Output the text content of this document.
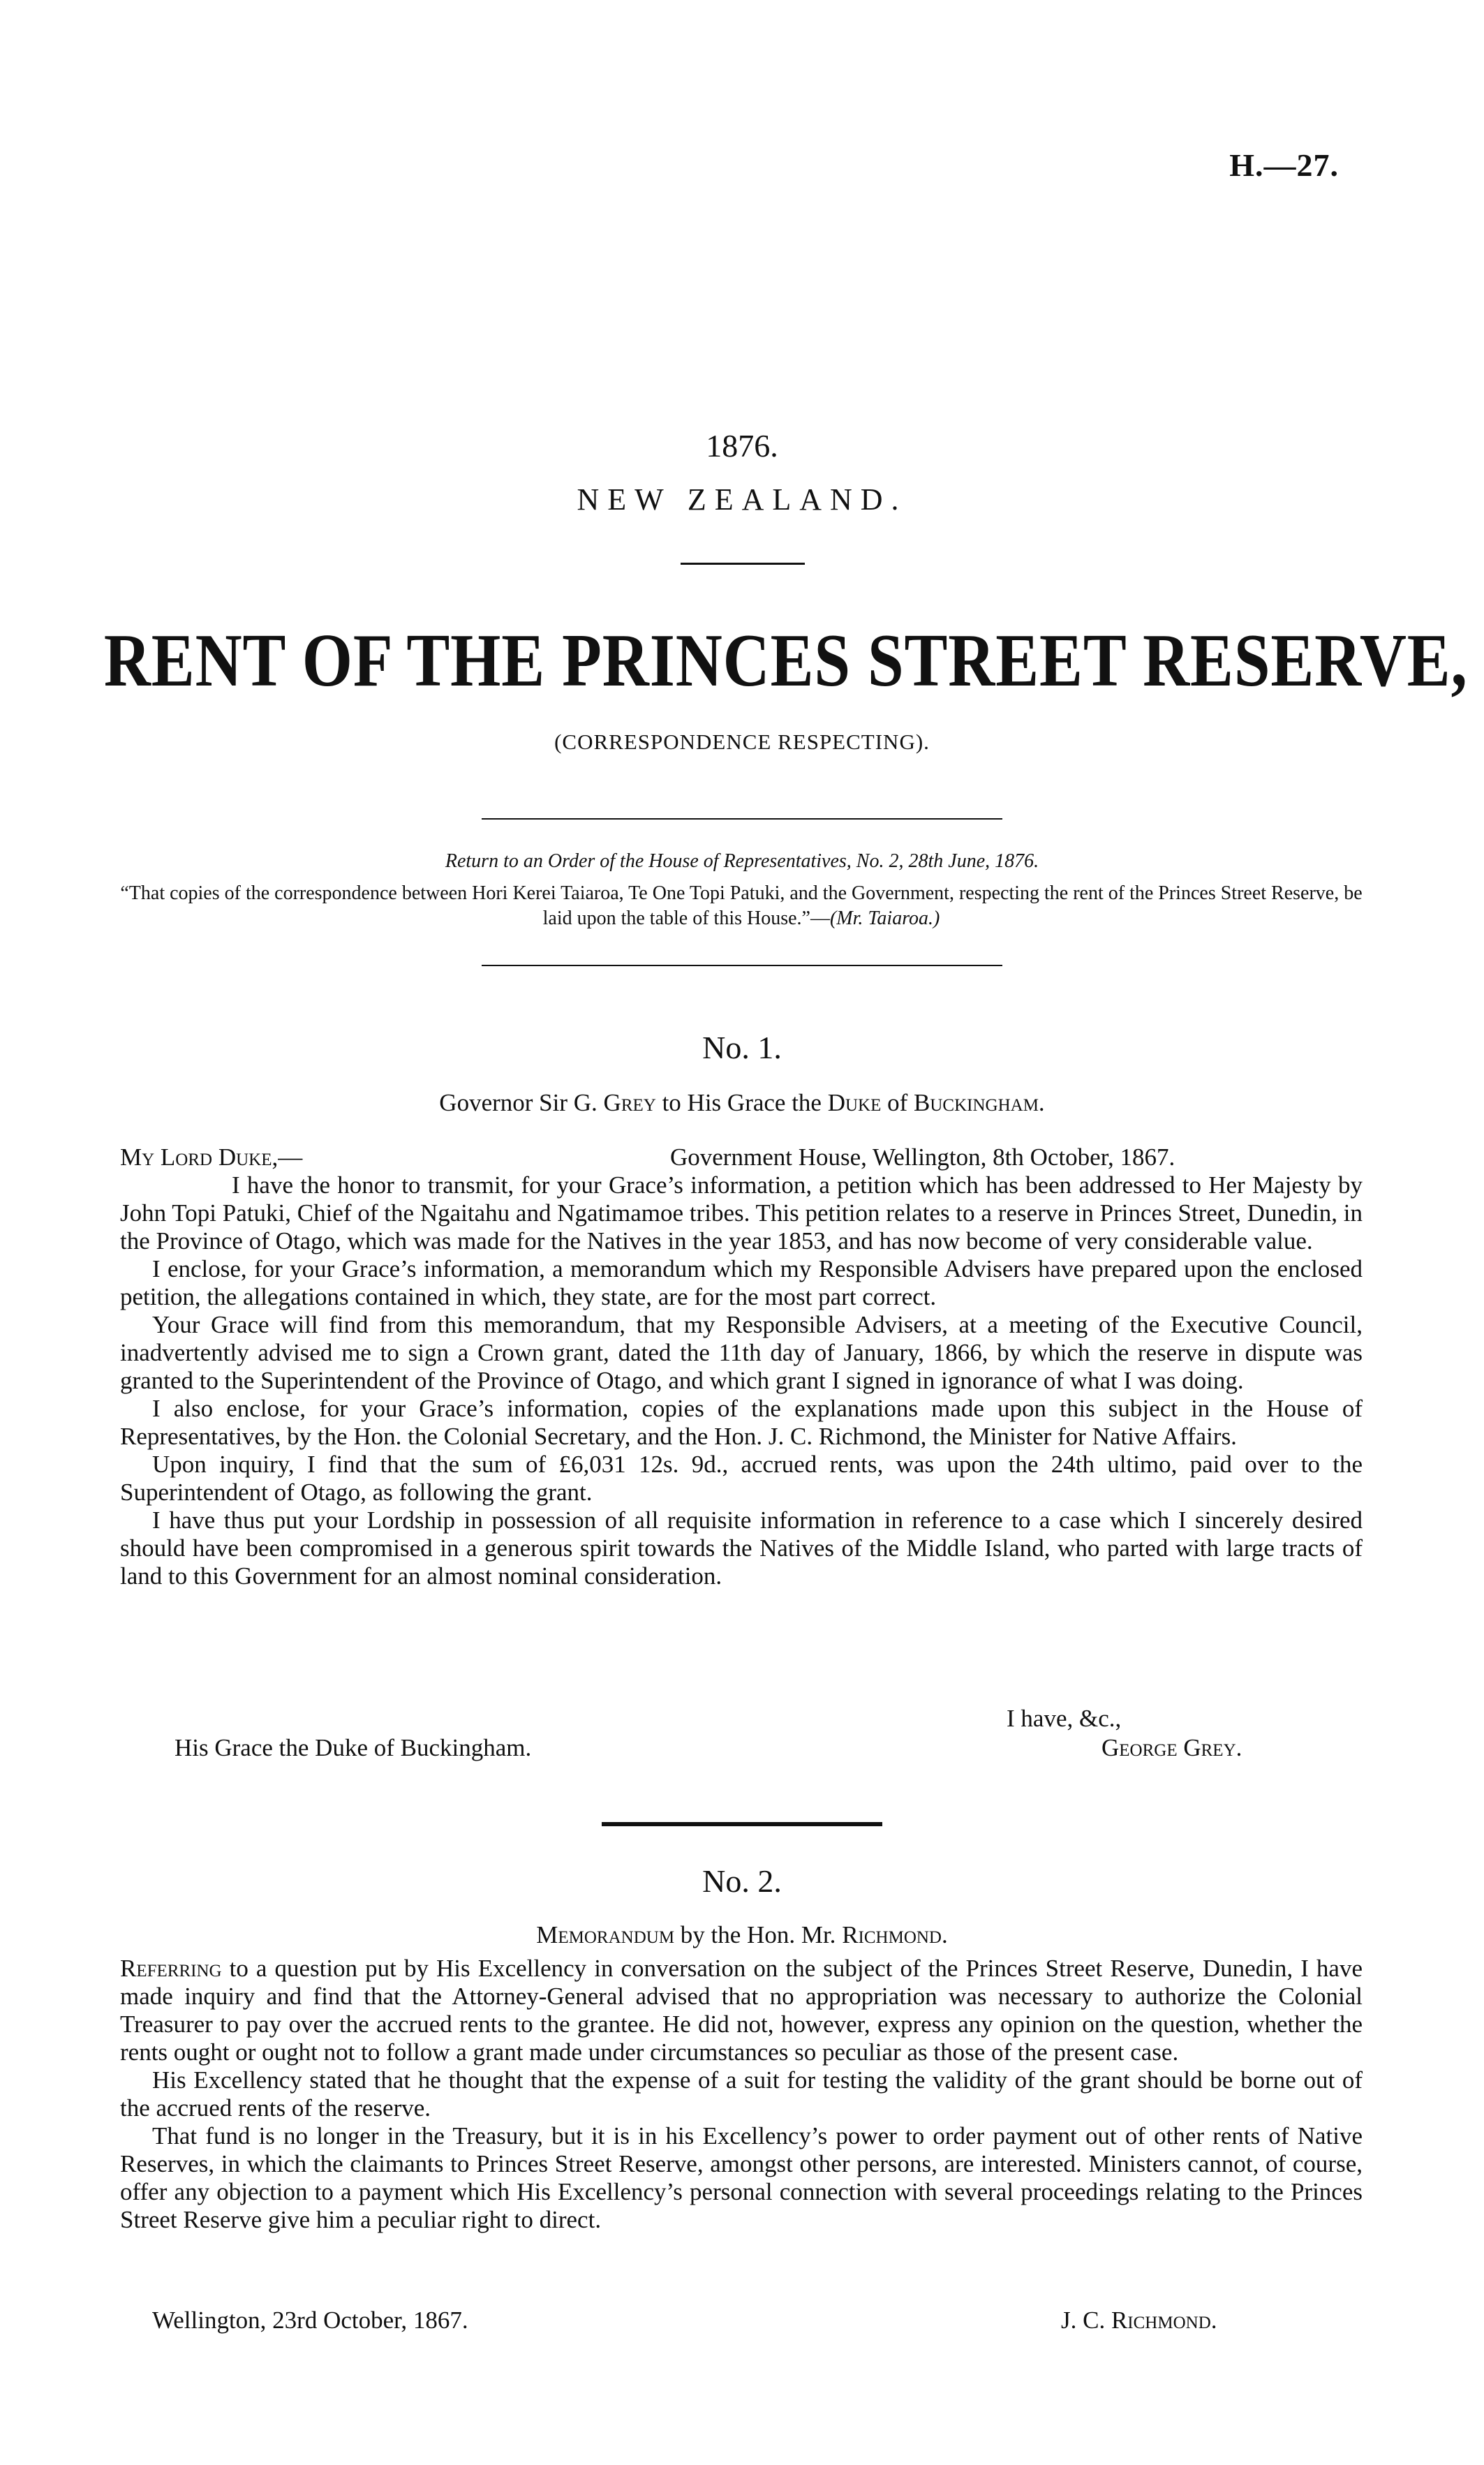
H.—27.
1876.
NEW ZEALAND.
RENT OF THE PRINCES STREET RESERVE,
(CORRESPONDENCE RESPECTING).
Return to an Order of the House of Representatives, No. 2, 28th June, 1876.
“That copies of the correspondence between Hori Kerei Taiaroa, Te One Topi Patuki, and the Government, respecting the rent of the Princes Street Reserve, be laid upon the table of this House.”—(Mr. Taiaroa.)
No. 1.
Governor Sir G. Grey to His Grace the Duke of Buckingham.
My Lord Duke,—	Government House, Wellington, 8th October, 1867.

I have the honor to transmit, for your Grace’s information, a petition which has been addressed to Her Majesty by John Topi Patuki, Chief of the Ngaitahu and Ngatimamoe tribes. This petition relates to a reserve in Princes Street, Dunedin, in the Province of Otago, which was made for the Natives in the year 1853, and has now become of very considerable value.

I enclose, for your Grace’s information, a memorandum which my Responsible Advisers have prepared upon the enclosed petition, the allegations contained in which, they state, are for the most part correct.

Your Grace will find from this memorandum, that my Responsible Advisers, at a meeting of the Executive Council, inadvertently advised me to sign a Crown grant, dated the 11th day of January, 1866, by which the reserve in dispute was granted to the Superintendent of the Province of Otago, and which grant I signed in ignorance of what I was doing.

I also enclose, for your Grace’s information, copies of the explanations made upon this subject in the House of Representatives, by the Hon. the Colonial Secretary, and the Hon. J. C. Richmond, the Minister for Native Affairs.

Upon inquiry, I find that the sum of £6,031 12s. 9d., accrued rents, was upon the 24th ultimo, paid over to the Superintendent of Otago, as following the grant.

I have thus put your Lordship in possession of all requisite information in reference to a case which I sincerely desired should have been compromised in a generous spirit towards the Natives of the Middle Island, who parted with large tracts of land to this Government for an almost nominal consideration.

I have, &c.,
His Grace the Duke of Buckingham.	George Grey.
No. 2.
Memorandum by the Hon. Mr. Richmond.

Referring to a question put by His Excellency in conversation on the subject of the Princes Street Reserve, Dunedin, I have made inquiry and find that the Attorney-General advised that no appropriation was necessary to authorize the Colonial Treasurer to pay over the accrued rents to the grantee. He did not, however, express any opinion on the question, whether the rents ought or ought not to follow a grant made under circumstances so peculiar as those of the present case.

His Excellency stated that he thought that the expense of a suit for testing the validity of the grant should be borne out of the accrued rents of the reserve.

That fund is no longer in the Treasury, but it is in his Excellency’s power to order payment out of other rents of Native Reserves, in which the claimants to Princes Street Reserve, amongst other persons, are interested. Ministers cannot, of course, offer any objection to a payment which His Excellency’s personal connection with several proceedings relating to the Princes Street Reserve give him a peculiar right to direct.

Wellington, 23rd October, 1867.	J. C. Richmond.
